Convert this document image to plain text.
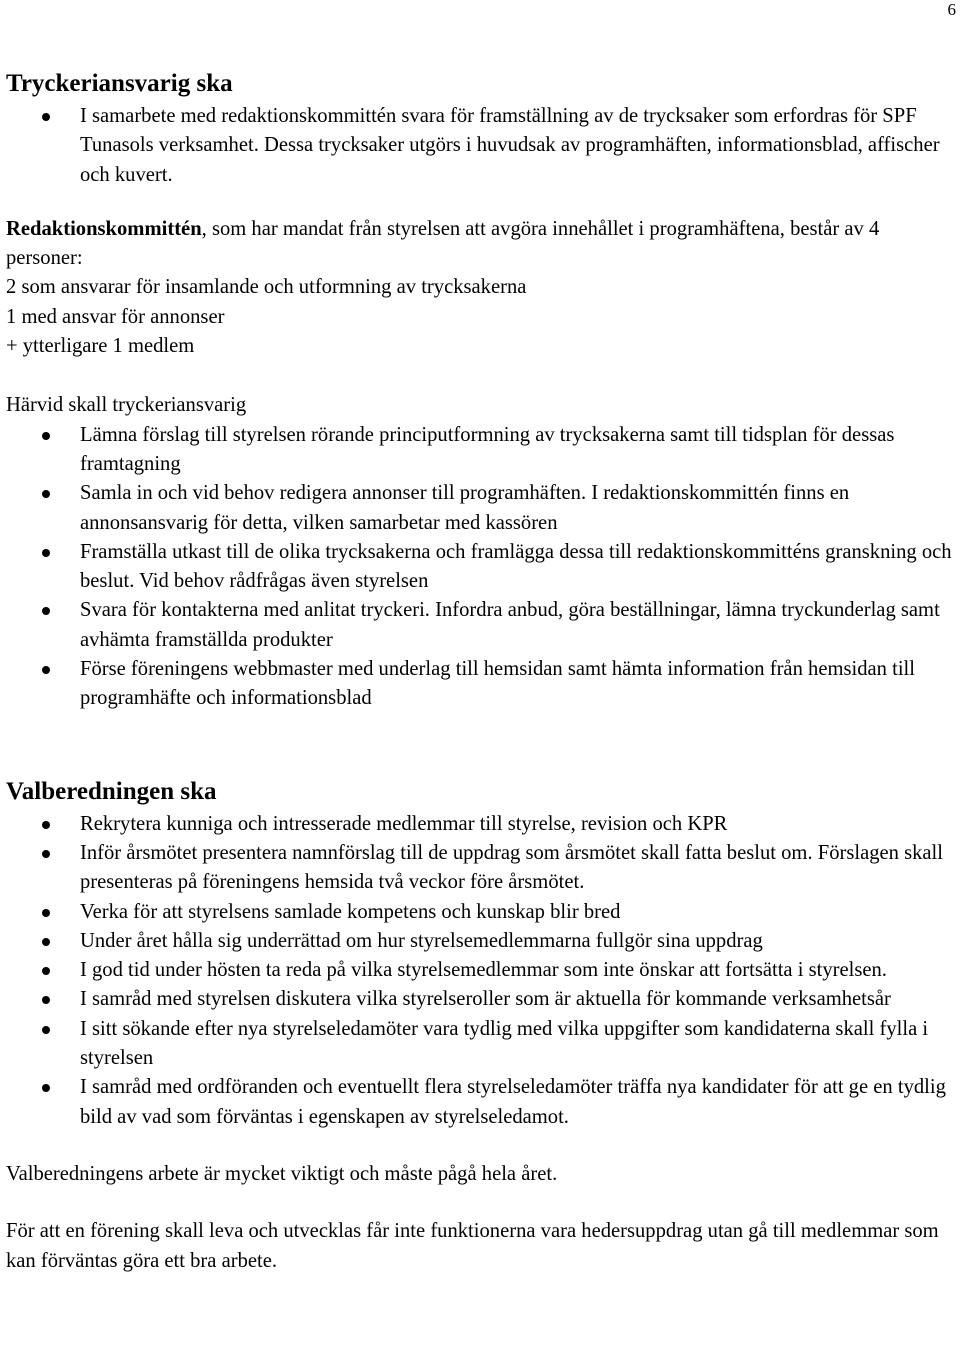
6
Tryckeriansvarig ska
I samarbete med redaktionskommittén svara för framställning av de trycksaker som erfordras för SPF Tunasols verksamhet. Dessa trycksaker utgörs i huvudsak av programhäften, informationsblad, affischer och kuvert.

Redaktionskommittén, som har mandat från styrelsen att avgöra innehållet i programhäftena, består av 4 personer:
2 som ansvarar för insamlande och utformning av trycksakerna
1 med ansvar för annonser
+ ytterligare 1 medlem

Härvid skall tryckeriansvarig

Lämna förslag till styrelsen rörande principutformning av trycksakerna samt till tidsplan för dessas framtagning
Samla in och vid behov redigera annonser till programhäften. I redaktionskommittén finns en annonsansvarig för detta, vilken samarbetar med kassören
Framställa utkast till de olika trycksakerna och framlägga dessa till redaktionskommitténs granskning och beslut. Vid behov rådfrågas även styrelsen
Svara för kontakterna med anlitat tryckeri. Infordra anbud, göra beställningar, lämna tryckunderlag samt avhämta framställda produkter
Förse föreningens webbmaster med underlag till hemsidan samt hämta information från hemsidan till programhäfte och informationsblad
Valberedningen ska
Rekrytera kunniga och intresserade medlemmar till styrelse, revision och KPR
Inför årsmötet presentera namnförslag till de uppdrag som årsmötet skall fatta beslut om. Förslagen skall presenteras på föreningens hemsida två veckor före årsmötet.
Verka för att styrelsens samlade kompetens och kunskap blir bred
Under året hålla sig underrättad om hur styrelsemedlemmarna fullgör sina uppdrag
I god tid under hösten ta reda på vilka styrelsemedlemmar som inte önskar att fortsätta i styrelsen.
I samråd med styrelsen diskutera vilka styrelseroller som är aktuella för kommande verksamhetsår
I sitt sökande efter nya styrelseledamöter vara tydlig med vilka uppgifter som kandidaterna skall fylla i styrelsen
I samråd med ordföranden och eventuellt flera styrelseledamöter träffa nya kandidater för att ge en tydlig bild av vad som förväntas i egenskapen av styrelseledamot.

Valberedningens arbete är mycket viktigt och måste pågå hela året.

För att en förening skall leva och utvecklas får inte funktionerna vara hedersuppdrag utan gå till medlemmar som kan förväntas göra ett bra arbete.
